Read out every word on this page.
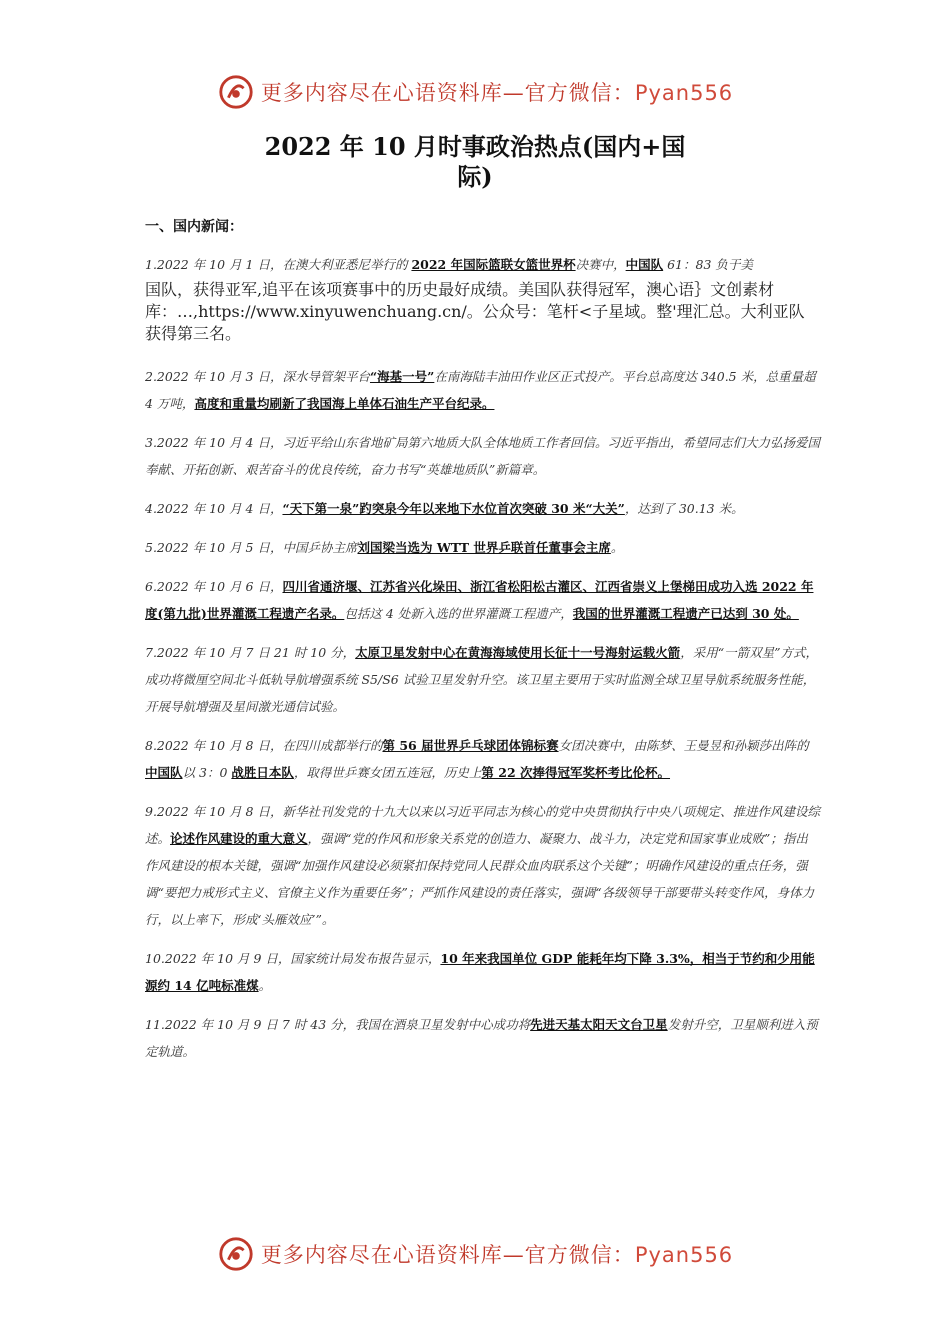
更多内容尽在心语资料库—官方微信：Pyan556
2022 年 10 月时事政治热点(国内+国
际)
一、国内新闻：

1.2022 年 10 月 1 日，在澳大利亚悉尼举行的 2022 年国际篮联女篮世界杯决赛中，中国队 61：83 负于美

国队，获得亚军,追平在该项赛事中的历史最好成绩。美国队获得冠军，澳心语｝文创素材库：…,https://www.xinyuwenchuang.cn/。公众号：笔杆<子星域。整'理汇总。大利亚队获得第三名。

2.2022 年 10 月 3 日，深水导管架平台“海基一号”在南海陆丰油田作业区正式投产。平台总高度达 340.5 米，总重量超 4 万吨，高度和重量均刷新了我国海上单体石油生产平台纪录。

3.2022 年 10 月 4 日，习近平给山东省地矿局第六地质大队全体地质工作者回信。习近平指出，希望同志们大力弘扬爱国奉献、开拓创新、艰苦奋斗的优良传统，奋力书写“英雄地质队”新篇章。

4.2022 年 10 月 4 日，“天下第一泉”趵突泉今年以来地下水位首次突破 30 米“大关”，达到了 30.13 米。

5.2022 年 10 月 5 日，中国乒协主席刘国梁当选为 WTT 世界乒联首任董事会主席。

6.2022 年 10 月 6 日，四川省通济堰、江苏省兴化垛田、浙江省松阳松古灌区、江西省崇义上堡梯田成功入选 2022 年度(第九批)世界灌溉工程遗产名录。包括这 4 处新入选的世界灌溉工程遗产，我国的世界灌溉工程遗产已达到 30 处。

7.2022 年 10 月 7 日 21 时 10 分，太原卫星发射中心在黄海海域使用长征十一号海射运载火箭，采用“一箭双星”方式，成功将微厘空间北斗低轨导航增强系统 S5/S6 试验卫星发射升空。该卫星主要用于实时监测全球卫星导航系统服务性能，开展导航增强及星间激光通信试验。

8.2022 年 10 月 8 日，在四川成都举行的第 56 届世界乒乓球团体锦标赛女团决赛中，由陈梦、王曼昱和孙颖莎出阵的中国队以 3：0 战胜日本队，取得世乒赛女团五连冠，历史上第 22 次捧得冠军奖杯考比伦杯。

9.2022 年 10 月 8 日，新华社刊发党的十九大以来以习近平同志为核心的党中央贯彻执行中央八项规定、推进作风建设综述。论述作风建设的重大意义，强调“党的作风和形象关系党的创造力、凝聚力、战斗力，决定党和国家事业成败”；指出作风建设的根本关键，强调“加强作风建设必须紧扣保持党同人民群众血肉联系这个关键”；明确作风建设的重点任务，强调“要把力戒形式主义、官僚主义作为重要任务”；严抓作风建设的责任落实，强调“各级领导干部要带头转变作风，身体力行，以上率下，形成‘头雁效应’”。

10.2022 年 10 月 9 日，国家统计局发布报告显示，10 年来我国单位 GDP 能耗年均下降 3.3%，相当于节约和少用能源约 14 亿吨标准煤。

11.2022 年 10 月 9 日 7 时 43 分，我国在酒泉卫星发射中心成功将先进天基太阳天文台卫星发射升空，卫星顺利进入预定轨道。

更多内容尽在心语资料库—官方微信：Pyan556
